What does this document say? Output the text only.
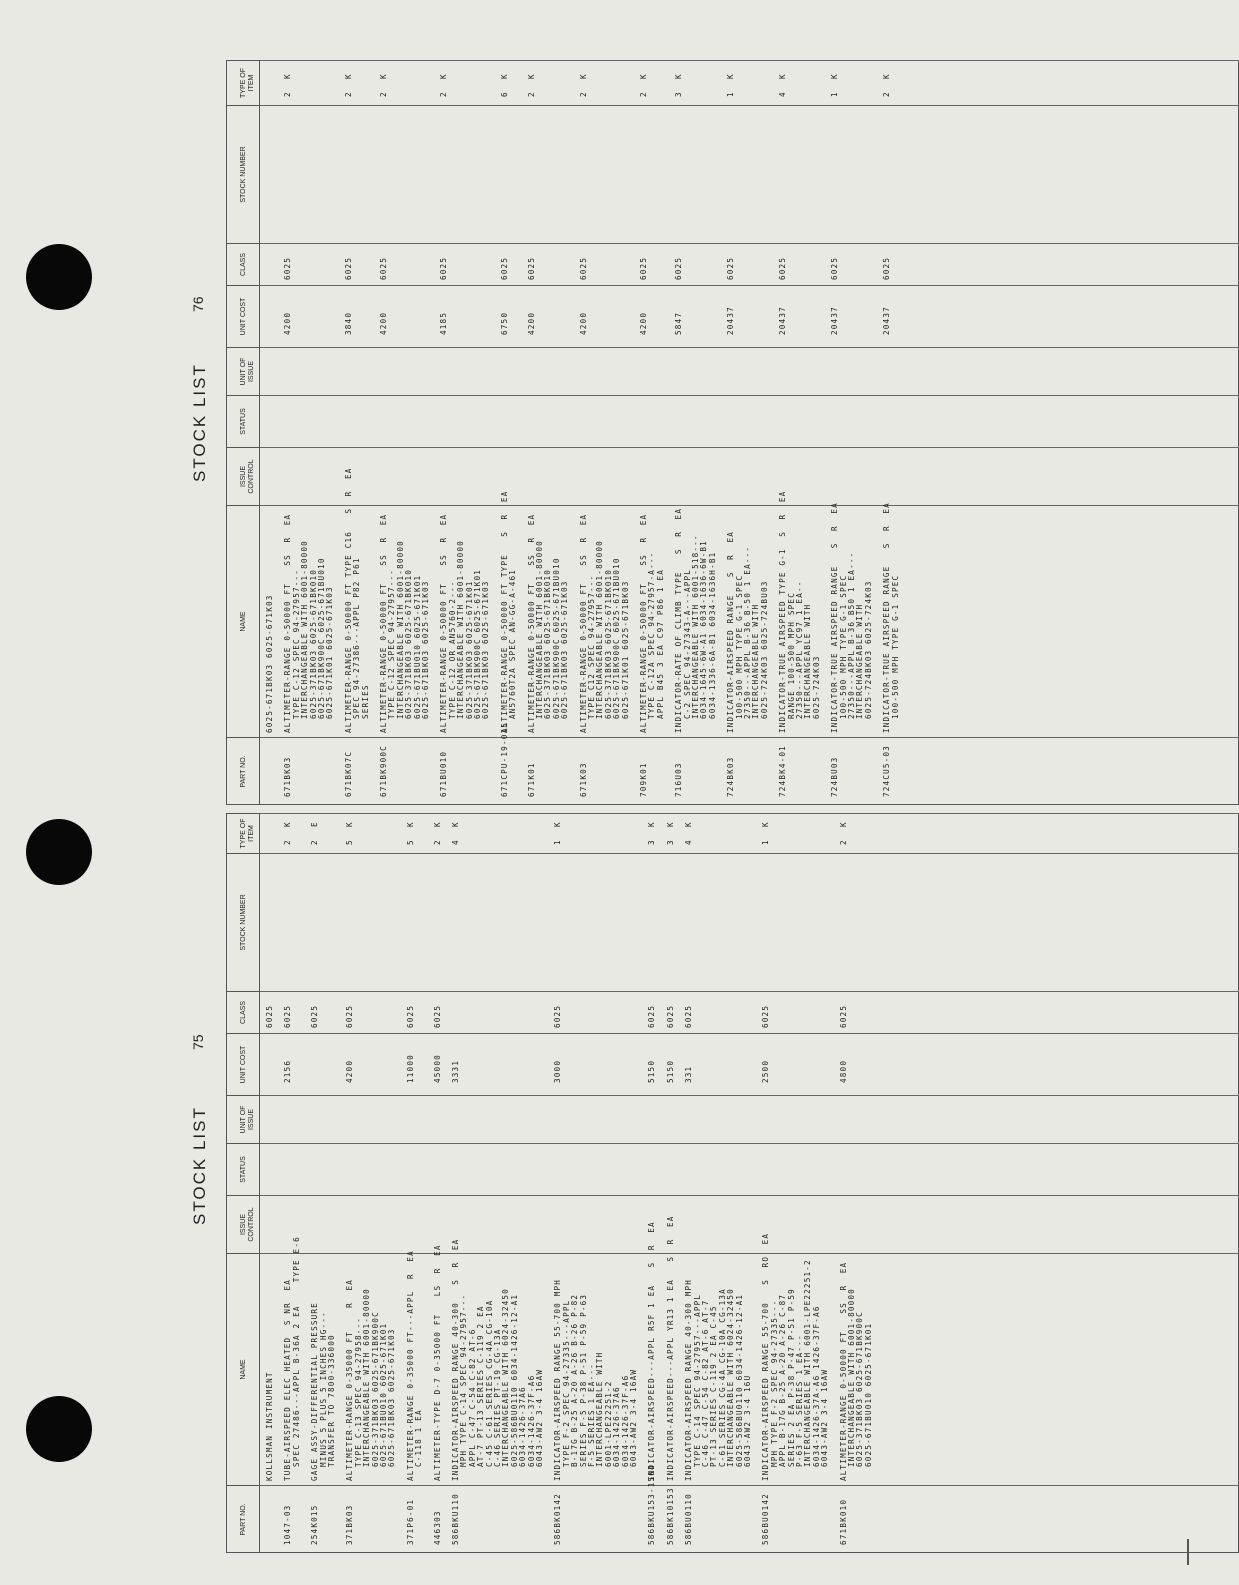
STOCK LIST
75
STOCK LIST
76
PART NO.
NAME
ISSUE CONTROL
STATUS
UNIT OF ISSUE
UNIT COST
CLASS
STOCK NUMBER
TYPE OF ITEM
KOLLSMAN INSTRUMENT
6025
1047-03
TUBE-AIRSPEED ELEC HEATED  S NR  EA SPEC 27486---APPL B-36A 2 EA    TYPE E-6
2156
6025
2
K
254K015
GAGE ASSY-DIFFERENTIAL PRESSURE MINUS 5 PLUS 5 INCHES HG--- TRANSFER TO 7800-336000
6025
2
E
371BK03
ALTIMETER-RANGE 0-35000 FT    R  EA TYPE C-13 SPEC 94-27958--- INTERCHANGEABLE WITH 6001-80000 6025-371BK03 6025-671BK900C 6025-671BU010 6025-671K01 6025-671BK03 6025-671K03
4200
6025
5
K
371P6-01
ALTIMETER-RANGE 0-35000 FT---APPL  R  EA C-118 1 EA
11000
6025
5
K
446303
ALTIMETER-TYPE D-7 0-35000 FT   LS  R  EA
45000
6025
2
K
586BKU110
INDICATOR-AIRSPEED RANGE 40-300   S  R  EA MPH TYPE C-14 SPEC 94-27957--- APPL C-47 C-54 C-82 AT-6 AT-7 PT-13 SERIES C-119 2 EA C-45 C-61 SERIES CG-4A CG-10A C-46 SERIES PT-19 CG-13A INTERCHANGEABLE WITH 6024-32450 6025-586BU0110 6034-1426-12-A1 6034-1426-37A6 6034-1426-37F-A6 6043-AW2 3-4 16AW
3331
4
K
586BK0142
INDICATOR-AIRSPEED RANGE 55-700 MPH TYPE F-2 SPEC 94-27335---APPL B-17G B-25 A-20 A-26 B-26 P-82 SERIES F-5 P-38 P-51 P-59 P-63 F-5 SERIES 1 EA--- INTERCHANGEABLE WITH 6001-LPE22251-2 6034-1426-37A6 6034-1426-37F-A6 6043-AW2 3-4 16AW
3000
6025
1
K
586BKU153-1504
INDICATOR-AIRSPEED---APPL R5F 1 EA   S  R  EA
5150
6025
3
K
586BK10153
INDICATOR-AIRSPEED---APPL YR13 1 EA   S  R  EA
5150
6025
3
K
586BU0110
INDICATOR-AIRSPEED RANGE 40-300 MPH TYPE C-14 SPEC 94-27957---APPL C-46 C-47 C-54 C-82 AT-6 AT-7 PT-13 SERIES C-119 2 EA C-45 C-61 SERIES CG-4A CG-10A CG-13A INTERCHANGEABLE WITH 6024-32450 6025-586BU0110 6034-1426-12-A1 6043-AW2 3-4 16U
331
6025
4
K
586BU0142
INDICATOR-AIRSPEED RANGE 55-700   S  RO  EA MPH TYPE F-2 SPEC 94-27335--- APPL B-17G B-25 A-20 A-26 C-87 SERIES 2 EA P-38 P-47 P-51 P-59 P-63 F-5 SERIES 1 EA--- INTERCHANGEABLE WITH 6001-LPE22251-2 6034-1426-37A-A6 1426-37F-A6 6043-AW2 3-4 16AW
2500
6025
1
K
671BK010
ALTIMETER-RANGE 0-50000 FT   SS  R  EA INTERCHANGEABLE WITH 6001-80000 6025-371BK03 6025-671BK900C 6025-671BU010 6025-671K01
4800
6025
2
K
PART NO.
NAME
ISSUE CONTROL
STATUS
UNIT OF ISSUE
UNIT COST
CLASS
STOCK NUMBER
TYPE OF ITEM
6025-671BK03 6025-671K03
671BK03
ALTIMETER-RANGE 0-50000 FT   SS  R  EA TYPE C-12 SPEC 94-27957--- INTERCHANGEABLE WITH 6001-80000 6025-371BK03 6025-671BK010 6025-671BK900C 6025-671BU010 6025-671K01 6025-671K03
4200
6025
2
K
671BK07C
ALTIMETER-RANGE 0-50000 FT TYPE C16   S  R  EA SPEC 94-27386---APPL P82 P61 SERIES
3840
6025
2
K
671BK900C
ALTIMETER-RANGE 0-50000 FT   SS  R  EA TYPE C-12 SPEC 94-27957--- INTERCHANGEABLE WITH 6001-80000 6025-371BK03 6025-671BK010 6025-671BU010 6025-671K01 6025-671BK03 6025-671K03
4200
6025
2
K
671BU010
ALTIMETER-RANGE 0-50000 FT   SS  R  EA TYPE C-12 OR AN5760-2--- INTERCHANGEABLE WITH 6001-80000 6025-371BK03 6025-671K01 6025-671BK900C 6025-671K01 6025-671BK03 6025-671K03
4185
6025
2
K
671CPU-19-015
ALTIMETER-RANGE 0-50000 FT TYPE   S  R  EA AN5760T2A SPEC AN-GG-A-461
6750
6025
6
K
671K01
ALTIMETER-RANGE 0-50000 FT   SS  R  EA INTERCHANGEABLE WITH 6001-80000 6025-371BK03 6025-671BK010 6025-671BK900C 6025-671BU010 6025-671BK03 6025-671K03
4200
6025
2
K
671K03
ALTIMETER-RANGE 0-50000 FT   SS  R  EA TYPE C12 SPEC 94-27957--- INTERCHANGEABLE WITH 6001-80000 6025-371BK03 6025-671BK010 6025-671BK900C 6025-671BU010 6025-671K01 6025-671BK03
4200
6025
2
K
709K01
ALTIMETER-RANGE 0-50000 FT   SS  R  EA TYPE C-12A SPEC 94-27957-A--- APPL B45 3 EA C97 P86 1 EA
4200
6025
2
K
716U03
INDICATOR-RATE OF CLIMB TYPE   S  R  EA C-2 SPEC 94-27343-A---APPL INTERCHANGEABLE WITH 6001-518--- 6034-1645-6W-A1 6034-1636-6W-B1 6034-1336-6A-B1 6034-1636H-B1
5847
6025
3
K
724BK03
INDICATOR-AIRSPEED RANGE   S  R  EA 100-500 MPH TYPE G-1 SPEC 27350---APPL B-36 B-50 1 EA--- INTERCHANGEABLE WITH 6025-724K03 6025-724BU03
20437
6025
1
K
724BK4-01
INDICATOR-TRUE AIRSPEED TYPE G-1  S  R  EA RANGE 100-500 MPH SPEC 27350---APPL YC97 1 EA-- INTERCHANGEABLE WITH 6025-724K03
20437
6025
4
K
724BU03
INDICATOR-TRUE AIRSPEED RANGE   S  R  EA 100-500 MPH TYPE G-1 SPEC 27350---APPL B-36 B50 1 EA--- INTERCHANGEABLE WITH 6025-724BK03 6025-724K03
20437
6025
1
K
724CU5-03
INDICATOR-TRUE AIRSPEED RANGE   S  R  EA 100-500 MPH TYPE G-1 SPEC
20437
6025
2
K
